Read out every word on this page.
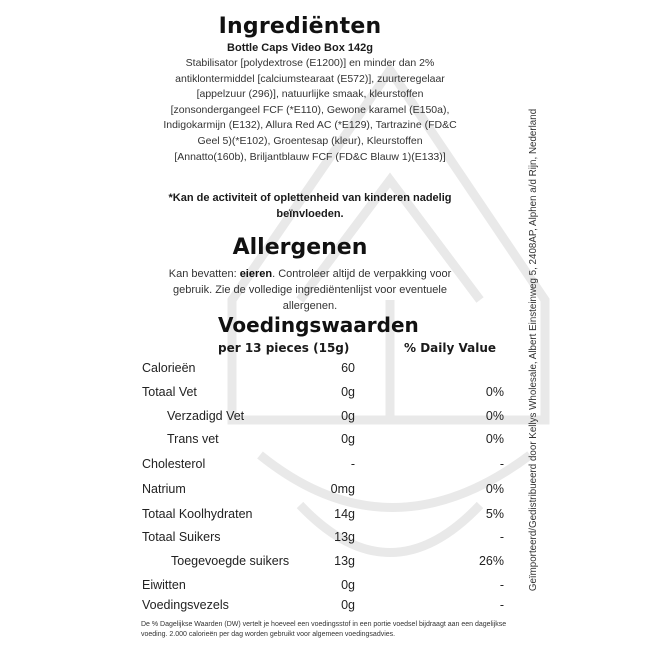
Ingrediënten
Bottle Caps Video Box 142g
Stabilisator [polydextrose (E1200)] en minder dan 2% antiklontermiddel [calciumstearaat (E572)], zuurteregelaar [appelzuur (296)], natuurlijke smaak, kleurstoffen [zonsondergangeel FCF (*E110), Gewone karamel (E150a), Indigokarmijn (E132), Allura Red AC (*E129), Tartrazine (FD&C Geel 5)(*E102), Groentesap (kleur), Kleurstoffen [Annatto(160b), Briljantblauw FCF (FD&C Blauw 1)(E133)]
*Kan de activiteit of oplettenheid van kinderen nadelig beïnvloeden.
Allergenen
Kan bevatten: eieren. Controleer altijd de verpakking voor gebruik. Zie de volledige ingrediëntenlijst voor eventuele allergenen.
Voedingswaarden
per 13 pieces (15g)	% Daily Value
Calorieën	60
Totaal Vet	0g	0%
Verzadigd Vet	0g	0%
Trans vet	0g	0%
Cholesterol	-	-
Natrium	0mg	0%
Totaal Koolhydraten	14g	5%
Totaal Suikers	13g	-
Toegevoegde suikers	13g	26%
Eiwitten	0g	-
Voedingsvezels	0g	-
De % Dagelijkse Waarden (DW) vertelt je hoeveel een voedingsstof in een portie voedsel bijdraagt aan een dagelijkse voeding. 2.000 calorieën per dag worden gebruikt voor algemeen voedingsadvies.
Geïmporteerd/Gedistribueerd door Kellys Wholesale, Albert Einsteinweg 5, 2408AP, Alphen a/d Rijn, Nederland
